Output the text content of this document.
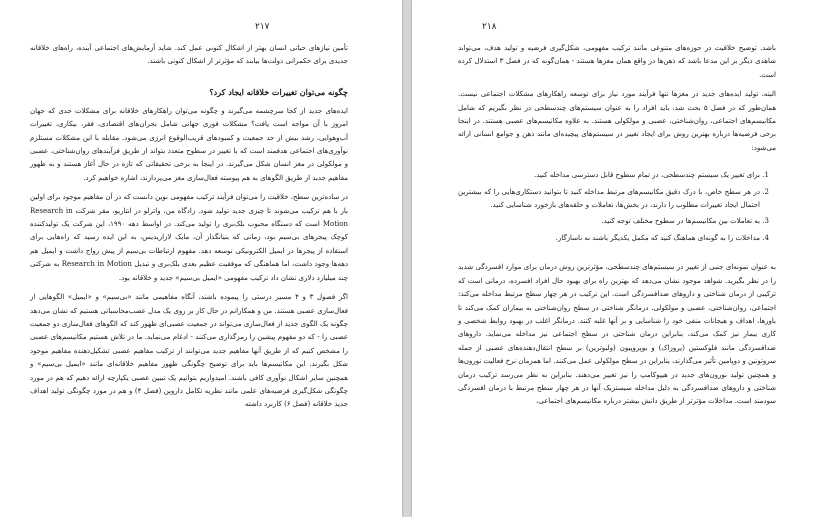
۲۱۷

تأمین نیازهای حیاتی انسان بهتر از اشکال کنونی عمل کند. شاید آزمایش‌های اجتماعی آینده، راه‌های خلاقانه جدیدی برای حکمرانی دولت‌ها بیابند که مؤثرتر از اشکال کنونی باشند.

چگونه می‌توان تغییرات خلاقانه ایجاد کرد؟

ایده‌های جدید از کجا سرچشمه می‌گیرند و چگونه می‌توان راهکارهای خلاقانه برای مشکلات جدی که جهان امروز با آن مواجه است یافت؟ مشکلات فوری جهانی شامل بحران‌های اقتصادی، فقر، بیکاری، تغییرات آب‌وهوایی، رشد بیش از حد جمعیت و کمبودهای قریب‌الوقوع انرژی می‌شود. مقابله با این مشکلات مستلزم نوآوری‌های اجتماعی هدفمند است که با تغییر در سطوح متعدد بتواند از طریق فرآیندهای روان‌شناختی، عصبی و مولکولی در مغز انسان شکل می‌گیرند. در اینجا به برخی تحقیقاتی که تازه در حال آغاز هستند و به ظهور مفاهیم جدید از طریق الگوهای به هم پیوسته فعال‌سازی مغز می‌پردازند، اشاره خواهیم کرد.

در ساده‌ترین سطح، خلاقیت را می‌توان فرآیند ترکیب مفهومی نوین دانست که در آن مفاهیم موجود برای اولین بار با هم ترکیب می‌شوند تا چیزی جدید تولید شود. زادگاه من، واترلو در انتاریو، مقر شرکت Research in Motion است که دستگاه محبوب بلک‌بری را تولید می‌کند. در اواسط دهه ۱۹۹۰، این شرکت یک تولیدکننده کوچک پیجرهای بی‌سیم بود، زمانی که بنیانگذار آن، مایک لازاریدیس، به این ایده رسید که راه‌هایی برای استفاده از پیجرها در ایمیل الکترونیکی توسعه دهد. مفهوم ارتباطات بی‌سیم از پیش رواج داشت و ایمیل هم دهه‌ها وجود داشت، اما هماهنگی که موفقیت عظیم بعدی بلک‌بری و تبدیل Research in Motion به شرکتی چند میلیارد دلاری نشان داد ترکیب مفهومی «ایمیل بی‌سیم» جدید و خلاقانه بود.

اگر فصول ۳ و ۴ مسیر درستی را پیموده باشند، آنگاه مفاهیمی مانند «بی‌سیم» و «ایمیل» الگوهایی از فعال‌سازی عصبی هستند. من و همکارانم در حال کار بر روی یک مدل عصب‌محاسباتی هستیم که نشان می‌دهد چگونه یک الگوی جدید از فعال‌سازی می‌تواند در جمعیت عصبی‌ای ظهور کند که الگوهای فعال‌سازی دو جمعیت عصبی را - که دو مفهوم پیشین را رمزگذاری می‌کنند - ادغام می‌نماید. ما در تلاش هستیم مکانیسم‌های عصبی را مشخص کنیم که از طریق آنها مفاهیم جدید می‌توانند از ترکیب مفاهیم عصبی تشکیل‌دهنده مفاهیم موجود شکل بگیرند. این مکانیسم‌ها باید برای توضیح چگونگی ظهور مفاهیم خلاقانه‌ای مانند «ایمیل بی‌سیم» و همچنین سایر اشکال نوآوری کافی باشند. امیدواریم بتوانیم یک تبیین عصبی یکپارچه ارائه دهیم که هم در مورد چگونگی شکل‌گیری فرضیه‌های علمی مانند نظریه تکامل داروین (فصل ۴) و هم در مورد چگونگی تولید اهداف جدید خلاقانه (فصل ۶) کاربرد داشته

۲۱۸

باشد. توضیح خلاقیت در حوزه‌های متنوعی مانند ترکیب مفهومی، شکل‌گیری فرضیه و تولید هدف، می‌تواند شاهدی دیگر بر این مدعا باشد که ذهن‌ها در واقع همان مغزها هستند - همان‌گونه که در فصل ۳ استدلال کرده است.

البته، تولید ایده‌های جدید در مغزها تنها فرآیند مورد نیاز برای توسعه راهکارهای مشکلات اجتماعی نیست. همان‌طور که در فصل ۵ بحث شد، باید افراد را به عنوان سیستم‌های چندسطحی در نظر بگیریم که شامل مکانیسم‌های اجتماعی، روان‌شناختی، عصبی و مولکولی هستند. به علاوه مکانیسم‌های عصبی هستند. در اینجا برخی فرضیه‌ها درباره بهترین روش برای ایجاد تغییر در سیستم‌های پیچیده‌ای مانند ذهن و جوامع انسانی ارائه می‌شود:

1. برای تغییر یک سیستم چندسطحی، در تمام سطوح قابل دسترسی مداخله کنید.
2. در هر سطح خاص، با درک دقیق مکانیسم‌های مرتبط مداخله کنید تا بتوانید دستکاری‌هایی را که بیشترین احتمال ایجاد تغییرات مطلوب را دارند، در بخش‌ها، تعاملات و حلقه‌های بازخورد شناسایی کنید.
3. به تعاملات بین مکانیسم‌ها در سطوح مختلف توجه کنید.
4. مداخلات را به گونه‌ای هماهنگ کنید که مکمل یکدیگر باشند نه ناسازگار.

به عنوان نمونه‌ای جنبی از تغییر در سیستم‌های چندسطحی، مؤثرترین روش درمان برای موارد افسردگی شدید را در نظر بگیرید. شواهد موجود نشان می‌دهد که بهترین راه برای بهبود حال افراد افسرده، درمانی است که ترکیبی از درمان شناختی و داروهای ضدافسردگی است. این ترکیب در هر چهار سطح مرتبط مداخله می‌کند: اجتماعی، روان‌شناختی، عصبی و مولکولی. درمانگر شناختی در سطح روان‌شناختی به بیماران کمک می‌کند تا باورها، اهداف و هیجانات منفی خود را شناسایی و بر آنها غلبه کنند. درمانگر اغلب در بهبود روابط شخصی و کاری بیمار نیز کمک می‌کند، بنابراین درمان شناختی در سطح اجتماعی نیز مداخله می‌نماید. داروهای ضدافسردگی مانند فلوکستین (پروزاک) و بوپروپیون (ولبوترین) بر سطح انتقال‌دهنده‌های عصبی از جمله سروتونین و دوپامین تأثیر می‌گذارند، بنابراین در سطح مولکولی عمل می‌کنند. اما همزمان نرخ فعالیت نورون‌ها و همچنین تولید نورون‌های جدید در هیپوکامپ را نیز تغییر می‌دهند. بنابراین به نظر می‌رسد ترکیب درمان شناختی و داروهای ضدافسردگی به دلیل مداخله سیستزیک آنها در هر چهار سطح مرتبط با درمان افسردگی سودمند است. مداخلات مؤثرتر از طریق دانش بیشتر درباره مکانیسم‌های اجتماعی،
